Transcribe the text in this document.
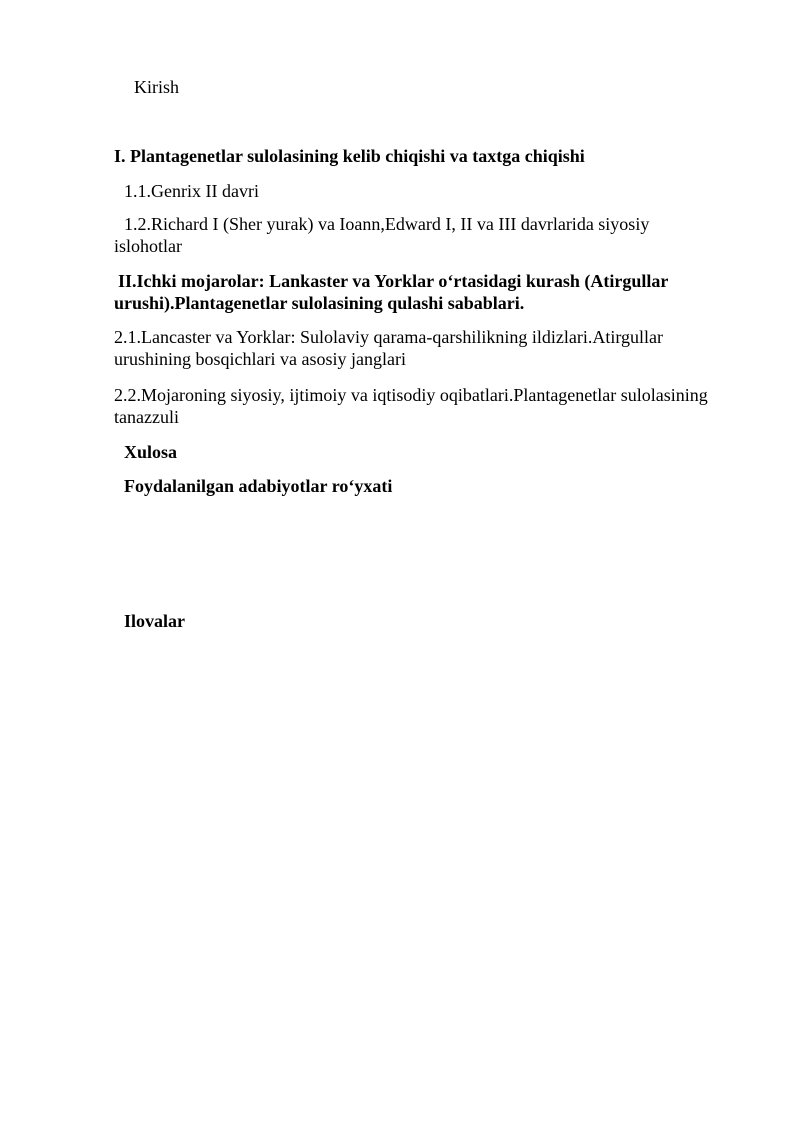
Kirish
I. Plantagenetlar sulolasining kelib chiqishi va taxtga chiqishi
1.1.Genrix II davri
1.2.Richard I (Sher yurak) va Ioann,Edward I, II va III davrlarida siyosiy
islohotlar
II.Ichki mojarolar: Lankaster va Yorklar o‘rtasidagi kurash (Atirgullar
urushi).Plantagenetlar sulolasining qulashi sabablari.
2.1.Lancaster va Yorklar: Sulolaviy qarama-qarshilikning ildizlari.Atirgullar
urushining bosqichlari va asosiy janglari
2.2.Mojaroning siyosiy, ijtimoiy va iqtisodiy oqibatlari.Plantagenetlar sulolasining
tanazzuli
Xulosa
Foydalanilgan adabiyotlar ro‘yxati
Ilovalar
